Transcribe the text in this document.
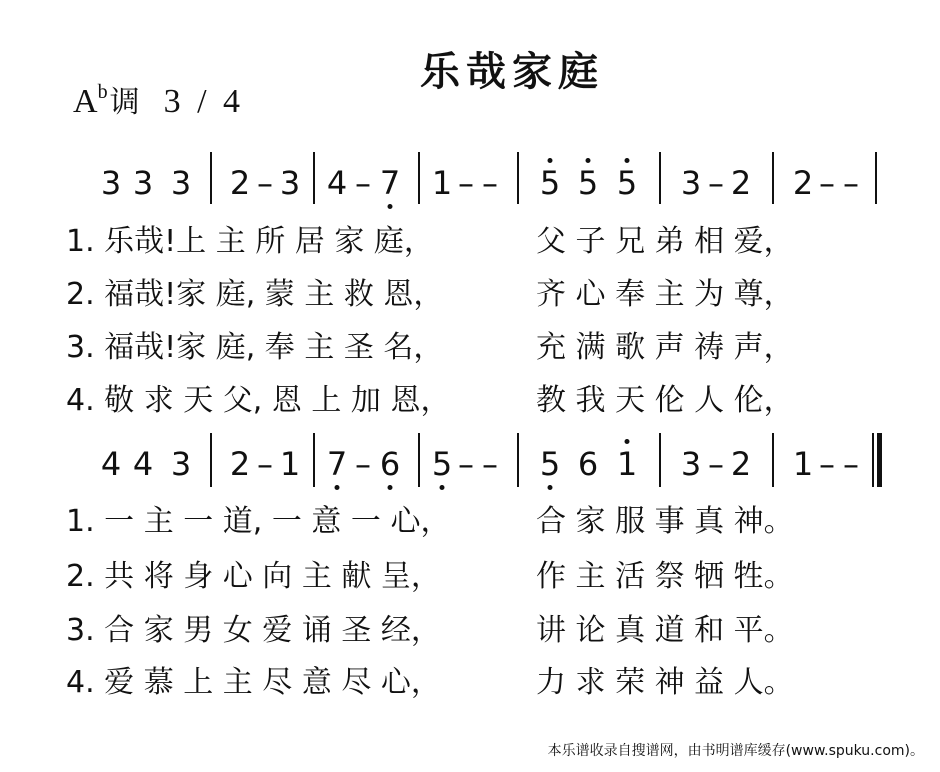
乐哉家庭
$A^b$调 3 / 4
3 3 3 2 – 3 4 – 7 1 – – 5 5 5 3 – 2 2 – –
1. 乐哉!上 主 所 居 家 庭，	父 子 兄 弟 相 爱，
2. 福哉!家 庭, 蒙 主 救 恩，	齐 心 奉 主 为 尊，
3. 福哉!家 庭, 奉 主 圣 名，	充 满 歌 声 祷 声，
4. 敬 求 天 父, 恩 上 加 恩，	教 我 天 伦 人 伦，
4 4 3 2 – 1 7 – 6 5 – – 5 6 1 3 – 2 1 – –
1. 一 主 一 道, 一 意 一 心，	合 家 服 事 真 神。
2. 共 将 身 心 向 主 献 呈，	作 主 活 祭 牺 牲。
3. 合 家 男 女 爱 诵 圣 经，	讲 论 真 道 和 平。
4. 爱 慕 上 主 尽 意 尽 心，	力 求 荣 神 益 人。
本乐谱收录自搜谱网，由书明谱库缓存(www.spuku.com)。
